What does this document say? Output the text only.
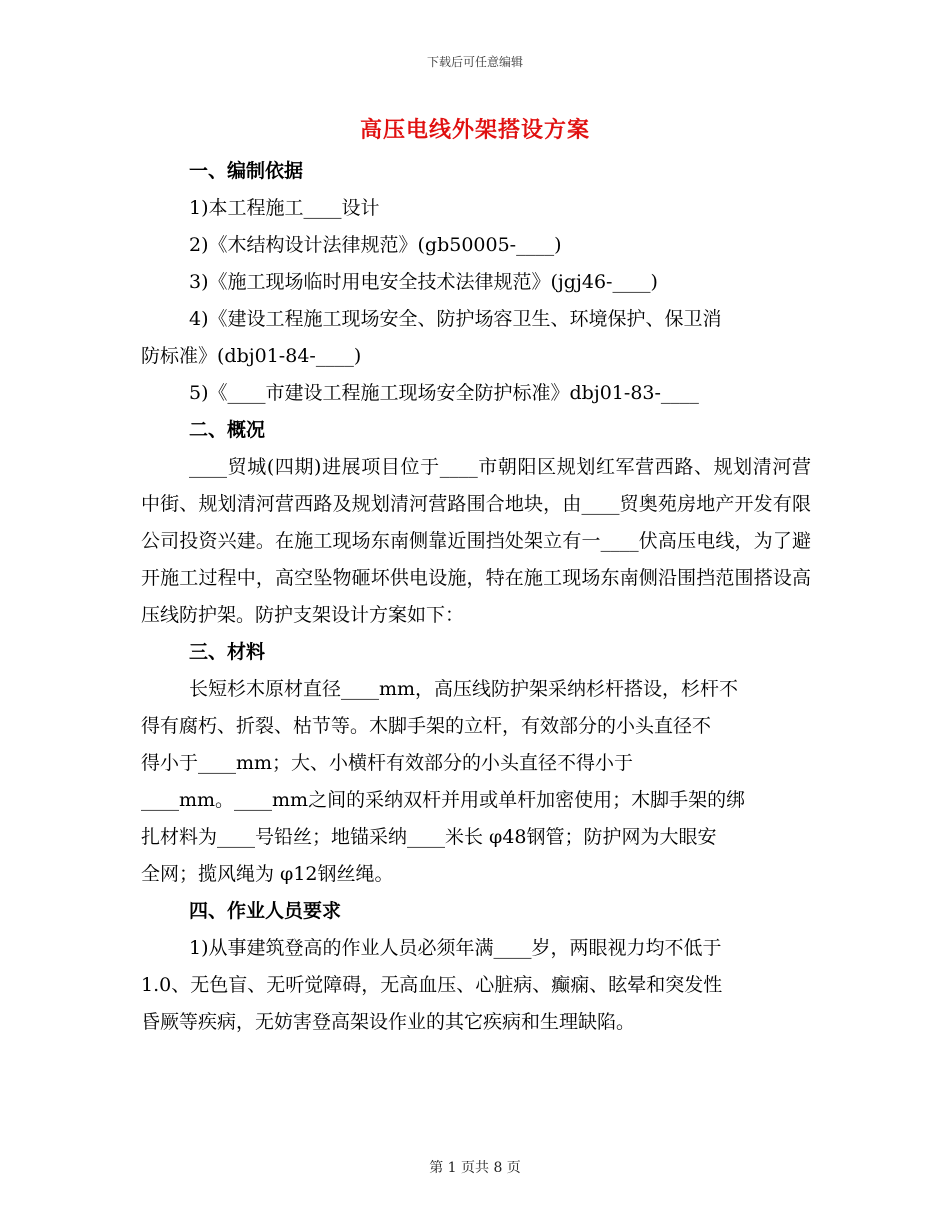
下载后可任意编辑
高压电线外架搭设方案
一、编制依据
1)本工程施工____设计
2)《木结构设计法律规范》(gb50005-____)
3)《施工现场临时用电安全技术法律规范》(jgj46-____)
4)《建设工程施工现场安全、防护场容卫生、环境保护、保卫消
防标准》(dbj01-84-____)
5)《____市建设工程施工现场安全防护标准》dbj01-83-____
二、概况
____贸城(四期)进展项目位于____市朝阳区规划红军营西路、规划清河营中街、规划清河营西路及规划清河营路围合地块，由____贸奥苑房地产开发有限公司投资兴建。在施工现场东南侧靠近围挡处架立有一____伏高压电线，为了避开施工过程中，高空坠物砸坏供电设施，特在施工现场东南侧沿围挡范围搭设高压线防护架。防护支架设计方案如下：
三、材料
长短杉木原材直径____mm，高压线防护架采纳杉杆搭设，杉杆不
得有腐朽、折裂、枯节等。木脚手架的立杆，有效部分的小头直径不
得小于____mm；大、小横杆有效部分的小头直径不得小于
____mm。____mm之间的采纳双杆并用或单杆加密使用；木脚手架的绑
扎材料为____号铅丝；地锚采纳____米长 φ48钢管；防护网为大眼安
全网；揽风绳为 φ12钢丝绳。
四、作业人员要求
1)从事建筑登高的作业人员必须年满____岁，两眼视力均不低于
1.0、无色盲、无听觉障碍，无高血压、心脏病、癫痫、眩晕和突发性
昏厥等疾病，无妨害登高架设作业的其它疾病和生理缺陷。
第 1 页共 8 页
